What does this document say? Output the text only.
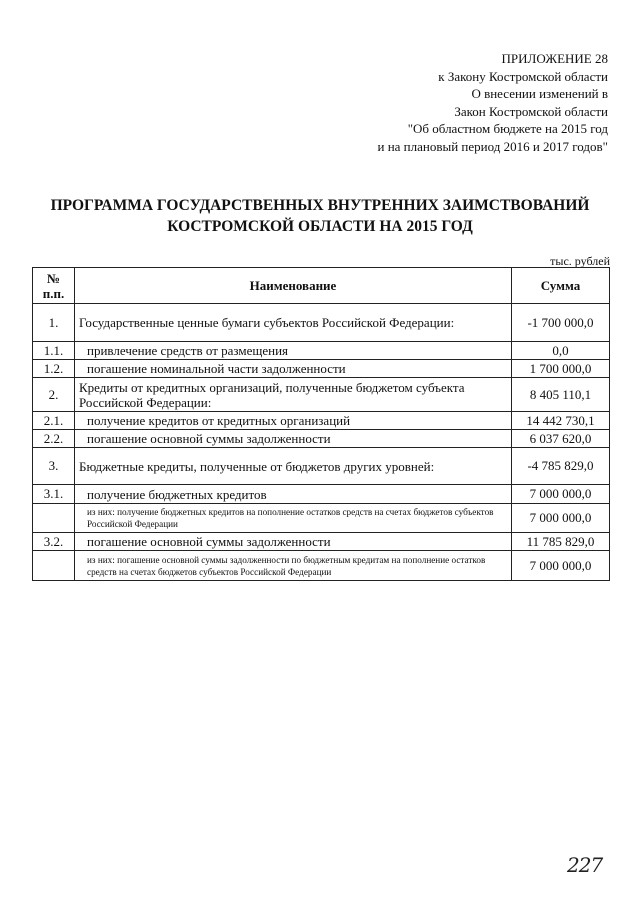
ПРИЛОЖЕНИЕ 28
к Закону Костромской области
О внесении изменений в
Закон Костромской области
"Об областном бюджете на 2015 год
и на плановый период 2016 и 2017 годов"
ПРОГРАММА ГОСУДАРСТВЕННЫХ ВНУТРЕННИХ ЗАИМСТВОВАНИЙ
КОСТРОМСКОЙ ОБЛАСТИ НА 2015 ГОД
тыс. рублей
№ п.п.	Наименование	Сумма
1.	Государственные ценные бумаги субъектов Российской Федерации:	-1 700 000,0
1.1.	привлечение средств от размещения	0,0
1.2.	погашение номинальной части задолженности	1 700 000,0
2.	Кредиты от кредитных организаций, полученные бюджетом субъекта Российской Федерации:	8 405 110,1
2.1.	получение кредитов от кредитных организаций	14 442 730,1
2.2.	погашение основной суммы задолженности	6 037 620,0
3.	Бюджетные кредиты, полученные от бюджетов других уровней:	-4 785 829,0
3.1.	получение бюджетных кредитов	7 000 000,0
	из них: получение бюджетных кредитов на пополнение остатков средств на счетах бюджетов субъектов Российской Федерации	7 000 000,0
3.2.	погашение основной суммы задолженности	11 785 829,0
	из них: погашение основной суммы задолженности по бюджетным кредитам на пополнение остатков средств на счетах бюджетов субъектов Российской Федерации	7 000 000,0
227
